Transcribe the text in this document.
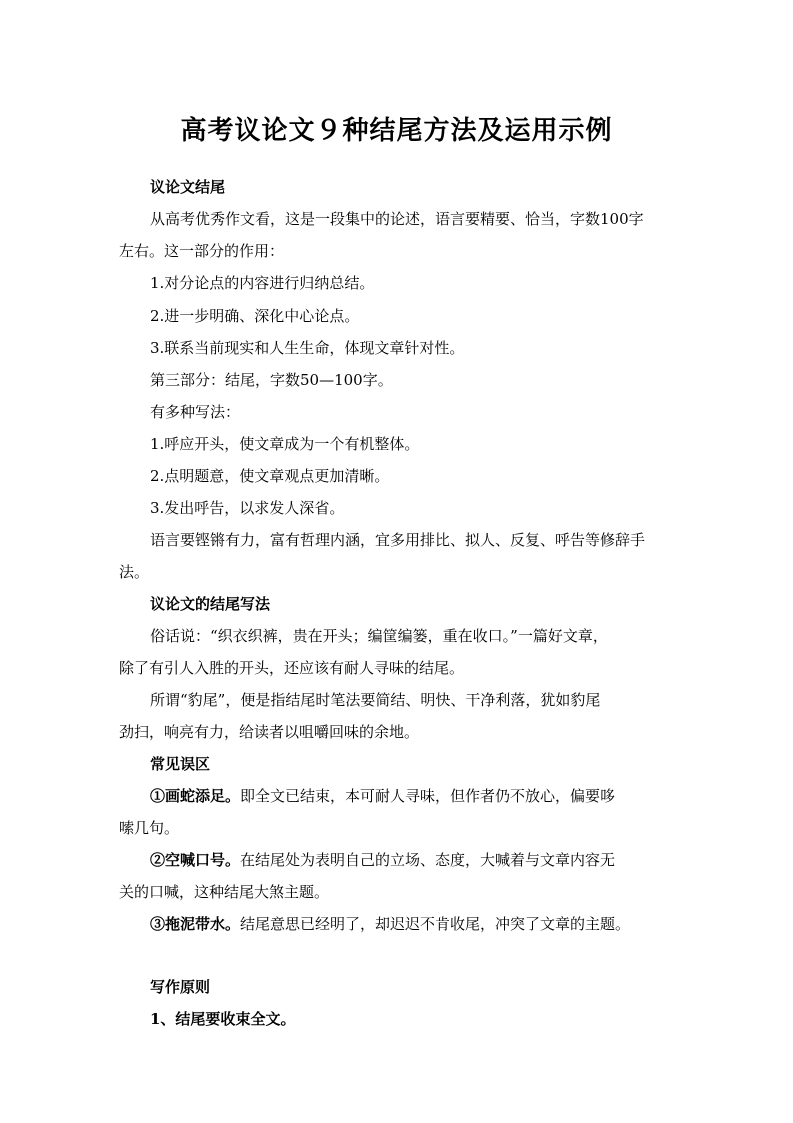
高考议论文９种结尾方法及运用示例
议论文结尾
从高考优秀作文看，这是一段集中的论述，语言要精要、恰当，字数100字
左右。这一部分的作用：
1.对分论点的内容进行归纳总结。
2.进一步明确、深化中心论点。
3.联系当前现实和人生生命，体现文章针对性。
第三部分：结尾，字数50—100字。
有多种写法：
1.呼应开头，使文章成为一个有机整体。
2.点明题意，使文章观点更加清晰。
3.发出呼告，以求发人深省。
语言要铿锵有力，富有哲理内涵，宜多用排比、拟人、反复、呼告等修辞手
法。
议论文的结尾写法
俗话说：“织衣织裤，贵在开头；编筐编篓，重在收口。”一篇好文章，
除了有引人入胜的开头，还应该有耐人寻味的结尾。
所谓“豹尾”，便是指结尾时笔法要简结、明快、干净利落，犹如豹尾
劲扫，响亮有力，给读者以咀嚼回味的余地。
常见误区
①画蛇添足。即全文已结束，本可耐人寻味，但作者仍不放心，偏要哆
嗦几句。
②空喊口号。在结尾处为表明自己的立场、态度，大喊着与文章内容无
关的口喊，这种结尾大煞主题。
③拖泥带水。结尾意思已经明了，却迟迟不肯收尾，冲突了文章的主题。
写作原则
1、结尾要收束全文。
